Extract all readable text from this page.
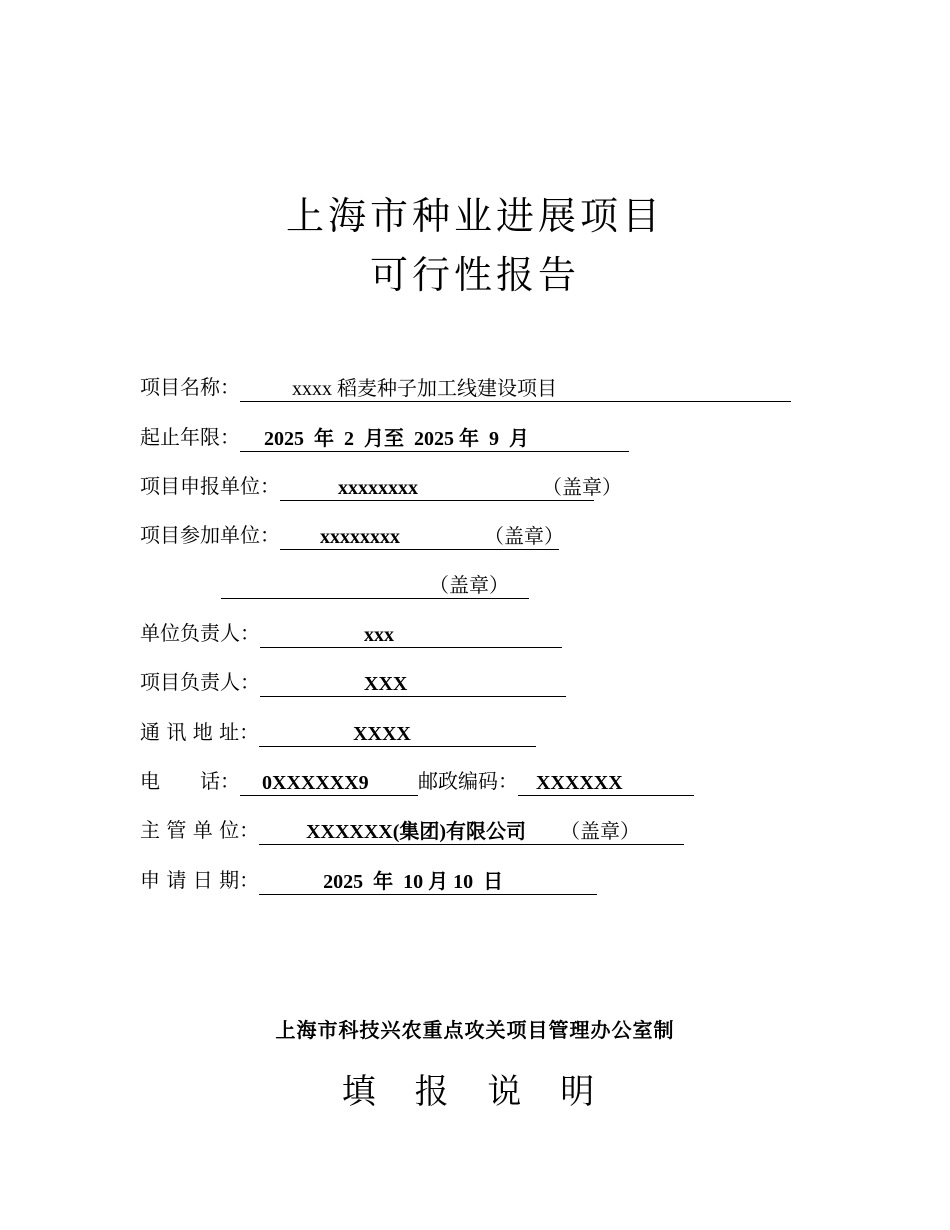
上海市种业进展项目
可行性报告
项目名称：	xxxx 稻麦种子加工线建设项目
起止年限： 2025  年  2  月至  2025 年  9  月
项目申报单位：	xxxxxxxx	（盖章）
项目参加单位： xxxxxxxx	（盖章）
（盖章）
单位负责人：	xxx
项目负责人：	XXX
通 讯 地 址：	XXXX
电　　话： 0XXXXXX9 邮政编码： XXXXXX
主 管 单 位： XXXXXX(集团)有限公司 （盖章）
申 请 日 期：	2025  年  10 月 10  日
上海市科技兴农重点攻关项目管理办公室制
填 报 说 明
